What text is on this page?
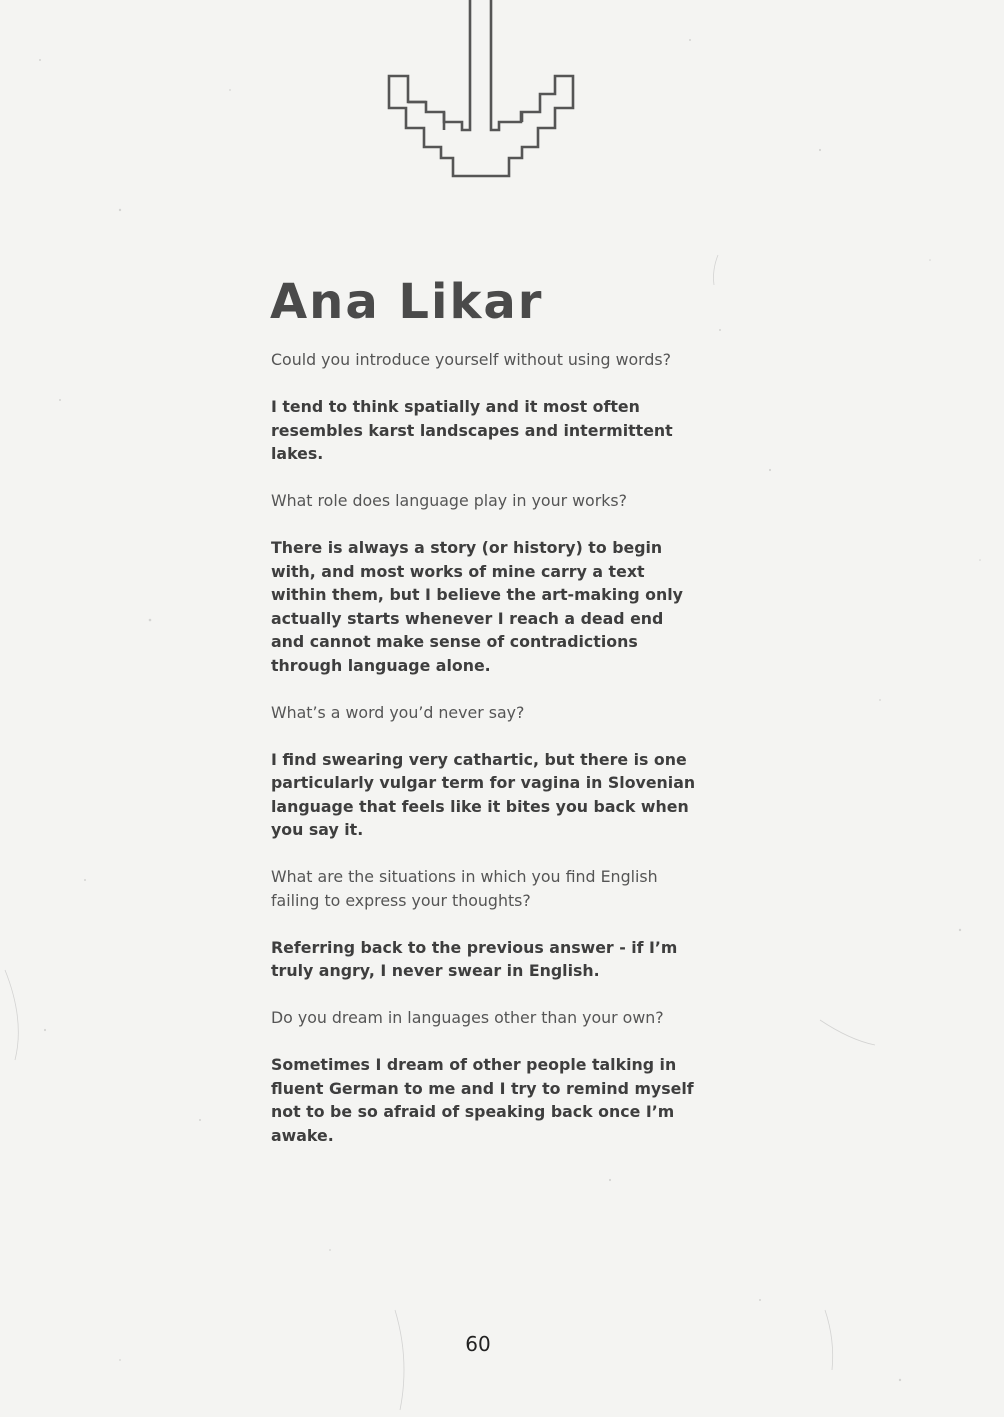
Ana Likar

Could you introduce yourself without using words?

I tend to think spatially and it most often resembles karst landscapes and intermittent lakes.

What role does language play in your works?

There is always a story (or history) to begin with, and most works of mine carry a text within them, but I believe the art-making only actually starts whenever I reach a dead end and cannot make sense of contradictions through language alone.

What’s a word you’d never say?

I find swearing very cathartic, but there is one particularly vulgar term for vagina in Slovenian language that feels like it bites you back when you say it.

What are the situations in which you find English failing to express your thoughts?

Referring back to the previous answer - if I’m truly angry, I never swear in English.

Do you dream in languages other than your own?

Sometimes I dream of other people talking in fluent German to me and I try to remind myself not to be so afraid of speaking back once I’m awake.

60
